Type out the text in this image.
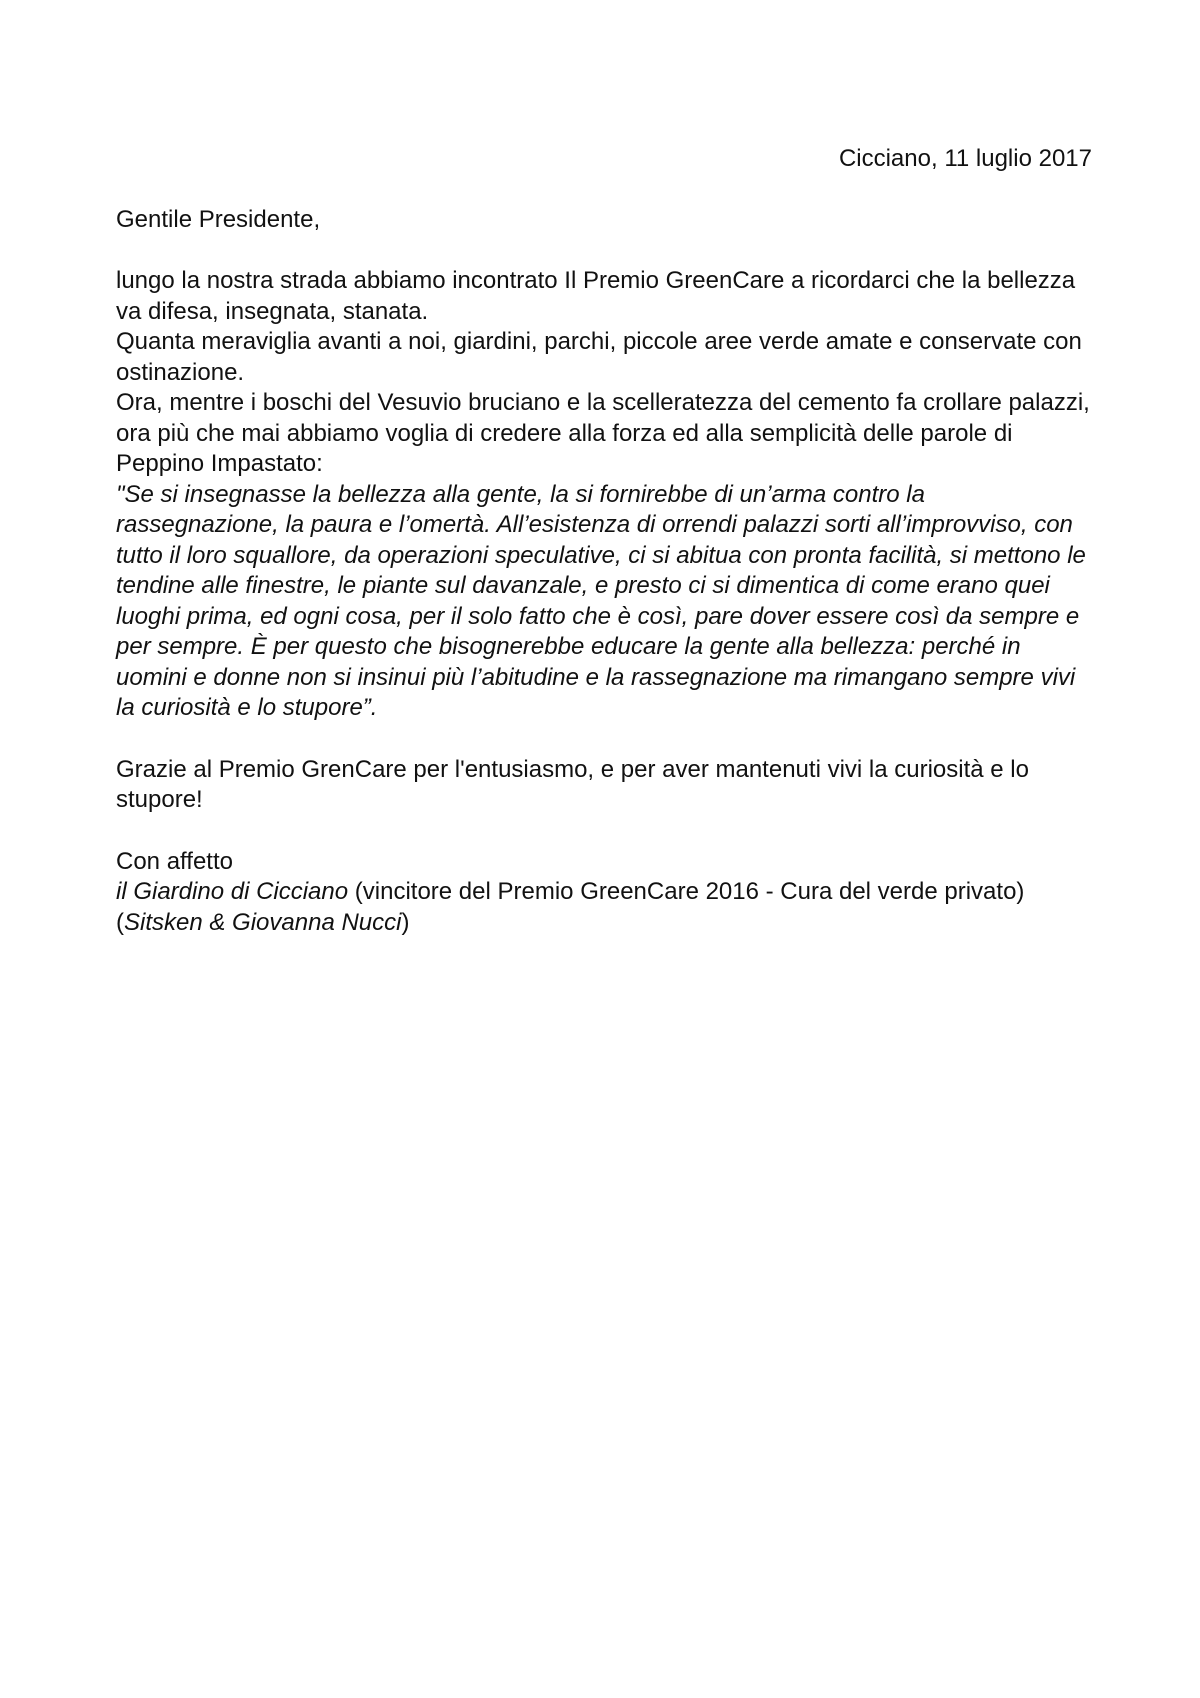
Cicciano, 11 luglio 2017

Gentile Presidente,

lungo la nostra strada abbiamo incontrato Il Premio GreenCare a ricordarci che la bellezza va difesa, insegnata, stanata.

Quanta meraviglia avanti a noi, giardini, parchi, piccole aree verde amate e conservate con ostinazione.

Ora, mentre i boschi del Vesuvio bruciano e la scelleratezza del cemento fa crollare palazzi, ora più che mai abbiamo voglia di credere alla forza ed alla semplicità delle parole di Peppino Impastato:

"Se si insegnasse la bellezza alla gente, la si fornirebbe di un’arma contro la rassegnazione, la paura e l’omertà. All’esistenza di orrendi palazzi sorti all’improvviso, con tutto il loro squallore, da operazioni speculative, ci si abitua con pronta facilità, si mettono le tendine alle finestre, le piante sul davanzale, e presto ci si dimentica di come erano quei luoghi prima, ed ogni cosa, per il solo fatto che è così, pare dover essere così da sempre e per sempre. È per questo che bisognerebbe educare la gente alla bellezza: perché in uomini e donne non si insinui più l’abitudine e la rassegnazione ma rimangano sempre vivi la curiosità e lo stupore”.

Grazie al Premio GrenCare per l'entusiasmo, e per aver mantenuti vivi la curiosità e lo stupore!

Con affetto

il Giardino di Cicciano (vincitore del Premio GreenCare 2016 - Cura del verde privato)

(Sitsken & Giovanna Nucci)
